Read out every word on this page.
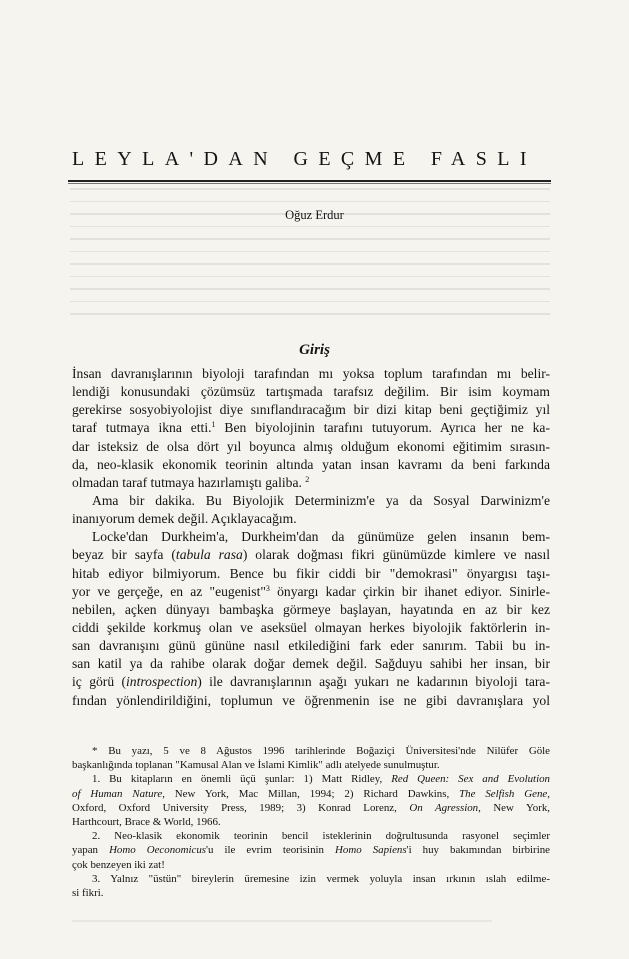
LEYLA'DAN GEÇME FASLI
Oğuz Erdur
Giriş
İnsan davranışlarının biyoloji tarafından mı yoksa toplum tarafından mı belir-
lendiği konusundaki çözümsüz tartışmada tarafsız değilim. Bir isim koymam
gerekirse sosyobiyolojist diye sınıflandıracağım bir dizi kitap beni geçtiğimiz yıl
taraf tutmaya ikna etti.$^1$ Ben biyolojinin tarafını tutuyorum. Ayrıca her ne ka-
dar isteksiz de olsa dört yıl boyunca almış olduğum ekonomi eğitimim sırasın-
da, neo-klasik ekonomik teorinin altında yatan insan kavramı da beni farkında
olmadan taraf tutmaya hazırlamıştı galiba. $^2$
Ama bir dakika. Bu Biyolojik Determinizm'e ya da Sosyal Darwinizm'e
inanıyorum demek değil. Açıklayacağım.
Locke'dan Durkheim'a, Durkheim'dan da günümüze gelen insanın bem-
beyaz bir sayfa (tabula rasa) olarak doğması fikri günümüzde kimlere ve nasıl
hitab ediyor bilmiyorum. Bence bu fikir ciddi bir "demokrasi" önyargısı taşı-
yor ve gerçeğe, en az "eugenist"$^3$ önyargı kadar çirkin bir ihanet ediyor. Sinirle-
nebilen, açken dünyayı bambaşka görmeye başlayan, hayatında en az bir kez
ciddi şekilde korkmuş olan ve aseksüel olmayan herkes biyolojik faktörlerin in-
san davranışını günü gününe nasıl etkilediğini fark eder sanırım. Tabii bu in-
san katil ya da rahibe olarak doğar demek değil. Sağduyu sahibi her insan, bir
iç görü (introspection) ile davranışlarının aşağı yukarı ne kadarının biyoloji tara-
fından yönlendirildiğini, toplumun ve öğrenmenin ise ne gibi davranışlara yol
* Bu yazı, 5 ve 8 Ağustos 1996 tarihlerinde Boğaziçi Üniversitesi'nde Nilüfer Göle
başkanlığında toplanan "Kamusal Alan ve İslami Kimlik" adlı atelyede sunulmuştur.
1. Bu kitapların en önemli üçü şunlar: 1) Matt Ridley, Red Queen: Sex and Evolution
of Human Nature, New York, Mac Millan, 1994; 2) Richard Dawkins, The Selfish Gene,
Oxford, Oxford University Press, 1989; 3) Konrad Lorenz, On Agression, New York,
Harthcourt, Brace & World, 1966.
2. Neo-klasik ekonomik teorinin bencil isteklerinin doğrultusunda rasyonel seçimler
yapan Homo Oeconomicus'u ile evrim teorisinin Homo Sapiens'i huy bakımından birbirine
çok benzeyen iki zat!
3. Yalnız "üstün" bireylerin üremesine izin vermek yoluyla insan ırkının ıslah edilme-
si fikri.
